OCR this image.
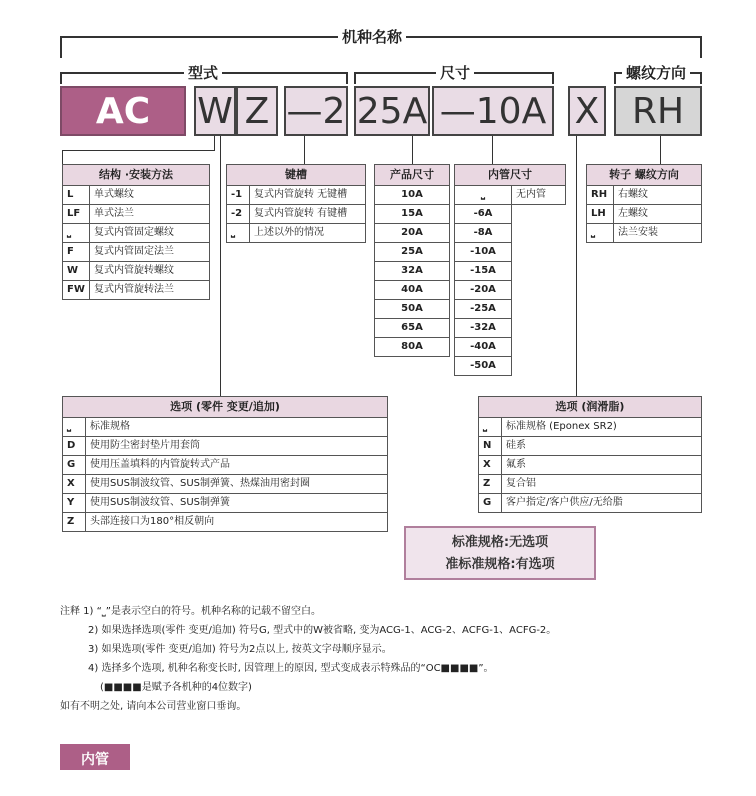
机种名称
型式	尺寸	螺纹方向
AC	W Z —2 25A —10A X RH
结构 ·安装方法	
L	单式螺纹
LF	单式法兰
⎵	复式内管固定螺纹
F	复式内管固定法兰
W	复式内管旋转螺纹
FW	复式内管旋转法兰
键槽	
-1	复式内管旋转 无键槽
-2	复式内管旋转 有键槽
⎵	上述以外的情况
产品尺寸
10A
15A
20A
25A
32A
40A
50A
65A
80A
内管尺寸
⎵	无内管
-6A
-8A
-10A
-15A
-20A
-25A
-32A
-40A
-50A
转子 螺纹方向	
RH	右螺纹
LH	左螺纹
⎵	法兰安装
选项 (零件 变更/追加)	
⎵	标准规格
D	使用防尘密封垫片用套筒
G	使用压盖填料的内管旋转式产品
X	使用SUS制波纹管、SUS制弹簧、热煤油用密封圈
Y	使用SUS制波纹管、SUS制弹簧
Z	头部连接口为180°相反朝向
选项 (润滑脂)	
⎵	标准规格 (Eponex SR2)
N	硅系
X	氟系
Z	复合铝
G	客户指定/客户供应/无给脂
标准规格:无选项
准标准规格:有选项
注释 1) “⎵”是表示空白的符号。机种名称的记载不留空白。
2) 如果选择选项(零件 变更/追加) 符号G, 型式中的W被省略, 变为ACG-1、ACG-2、ACFG-1、ACFG-2。
3) 如果选项(零件 变更/追加) 符号为2点以上, 按英文字母顺序显示。
4) 选择多个选项, 机种名称变长时, 因管理上的原因, 型式变成表示特殊品的“OC■■■■”。
(■■■■是赋予各机种的4位数字)
如有不明之处, 请向本公司营业窗口垂询。
内管
